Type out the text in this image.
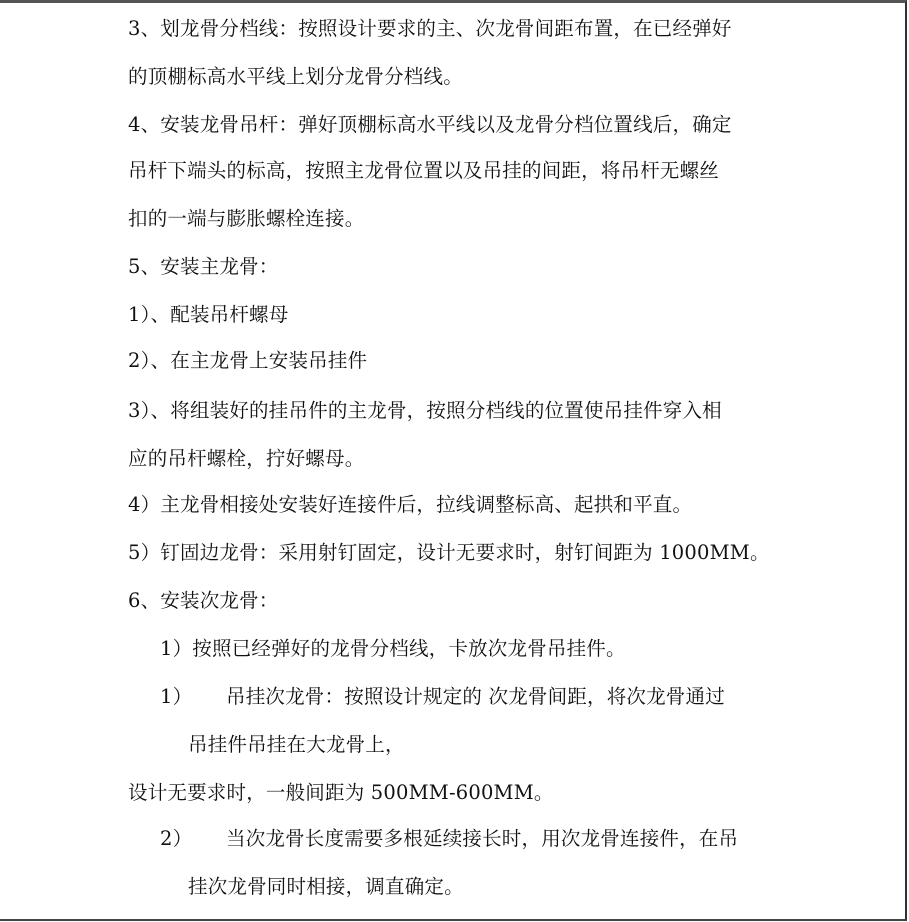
3、划龙骨分档线：按照设计要求的主、次龙骨间距布置，在已经弹好
的顶棚标高水平线上划分龙骨分档线。
4、安装龙骨吊杆：弹好顶棚标高水平线以及龙骨分档位置线后，确定
吊杆下端头的标高，按照主龙骨位置以及吊挂的间距，将吊杆无螺丝
扣的一端与膨胀螺栓连接。
5、安装主龙骨：
1）、配装吊杆螺母
2）、在主龙骨上安装吊挂件
3）、将组装好的挂吊件的主龙骨，按照分档线的位置使吊挂件穿入相
应的吊杆螺栓，拧好螺母。
4）主龙骨相接处安装好连接件后，拉线调整标高、起拱和平直。
5）钉固边龙骨：采用射钉固定，设计无要求时，射钉间距为 1000MM。
6、安装次龙骨：
1）按照已经弹好的龙骨分档线，卡放次龙骨吊挂件。
1） 吊挂次龙骨：按照设计规定的 次龙骨间距，将次龙骨通过
吊挂件吊挂在大龙骨上，
设计无要求时，一般间距为 500MM-600MM。
2） 当次龙骨长度需要多根延续接长时，用次龙骨连接件，在吊
挂次龙骨同时相接，调直确定。
